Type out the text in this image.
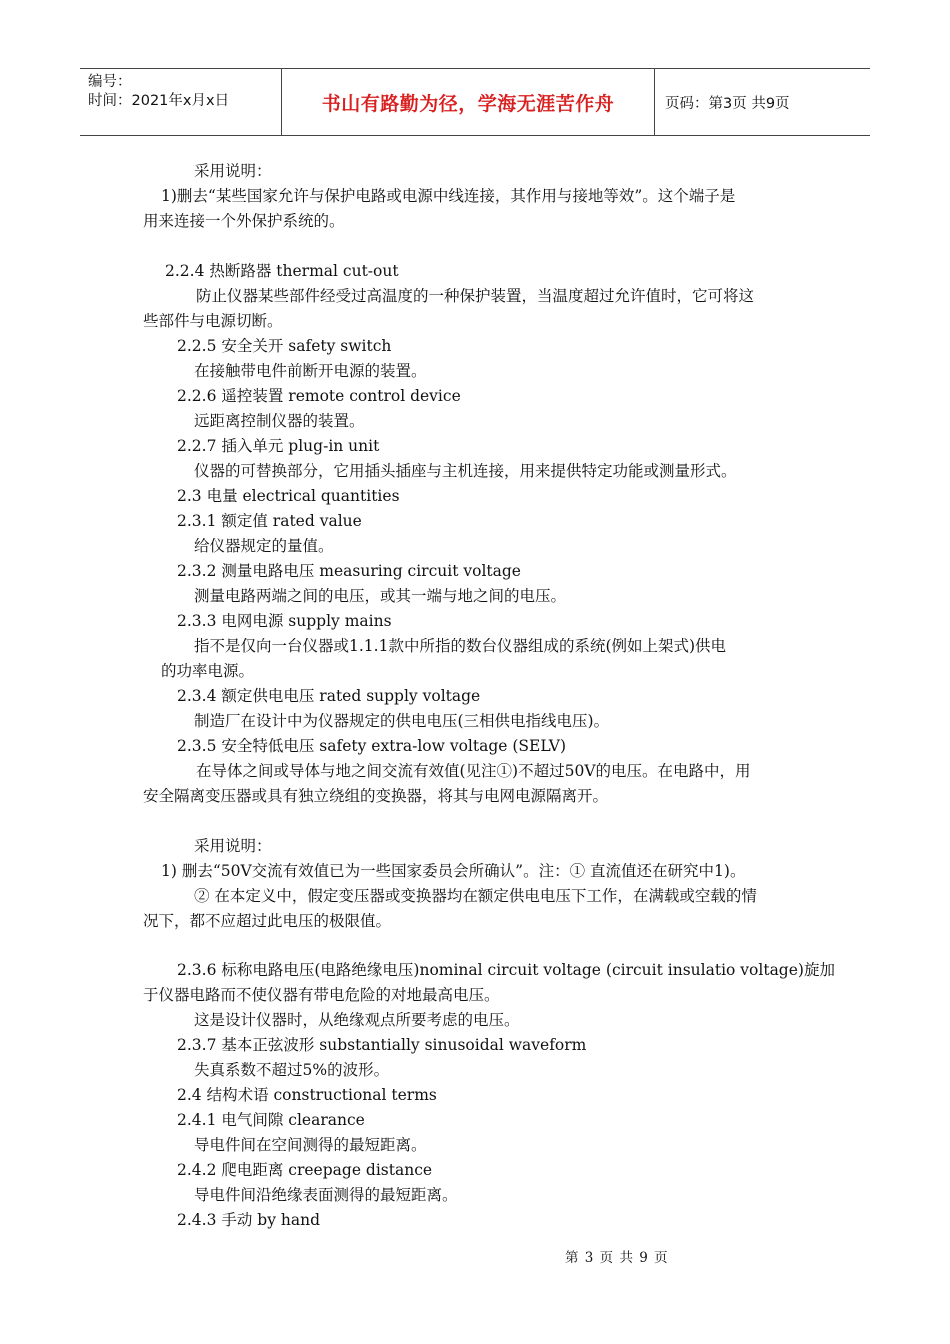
编号：
时间：2021年x月x日	书山有路勤为径，学海无涯苦作舟	页码：第3页 共9页
采用说明：
1)删去“某些国家允许与保护电路或电源中线连接，其作用与接地等效”。这个端子是
用来连接一个外保护系统的。
2.2.4 热断路器 thermal cut-out
防止仪器某些部件经受过高温度的一种保护装置，当温度超过允许值时，它可将这
些部件与电源切断。
2.2.5 安全关开 safety switch
在接触带电件前断开电源的装置。
2.2.6 遥控装置 remote control device
远距离控制仪器的装置。
2.2.7 插入单元 plug-in unit
仪器的可替换部分，它用插头插座与主机连接，用来提供特定功能或测量形式。
2.3 电量 electrical quantities
2.3.1 额定值 rated value
给仪器规定的量值。
2.3.2 测量电路电压 measuring circuit voltage
测量电路两端之间的电压，或其一端与地之间的电压。
2.3.3 电网电源 supply mains
指不是仅向一台仪器或1.1.1款中所指的数台仪器组成的系统(例如上架式)供电
的功率电源。
2.3.4 额定供电电压 rated supply voltage
制造厂在设计中为仪器规定的供电电压(三相供电指线电压)。
2.3.5 安全特低电压 safety extra-low voltage (SELV)
在导体之间或导体与地之间交流有效值(见注①)不超过50V的电压。在电路中，用
安全隔离变压器或具有独立绕组的变换器，将其与电网电源隔离开。
采用说明：
1) 删去“50V交流有效值已为一些国家委员会所确认”。注：① 直流值还在研究中1)。
② 在本定义中，假定变压器或变换器均在额定供电电压下工作，在满载或空载的情
况下，都不应超过此电压的极限值。
2.3.6 标称电路电压(电路绝缘电压)nominal circuit voltage (circuit insulatio voltage)旋加
于仪器电路而不使仪器有带电危险的对地最高电压。
这是设计仪器时，从绝缘观点所要考虑的电压。
2.3.7 基本正弦波形 substantially sinusoidal waveform
失真系数不超过5%的波形。
2.4 结构术语 constructional terms
2.4.1 电气间隙 clearance
导电件间在空间测得的最短距离。
2.4.2 爬电距离 creepage distance
导电件间沿绝缘表面测得的最短距离。
2.4.3 手动 by hand
第 3 页 共 9 页
